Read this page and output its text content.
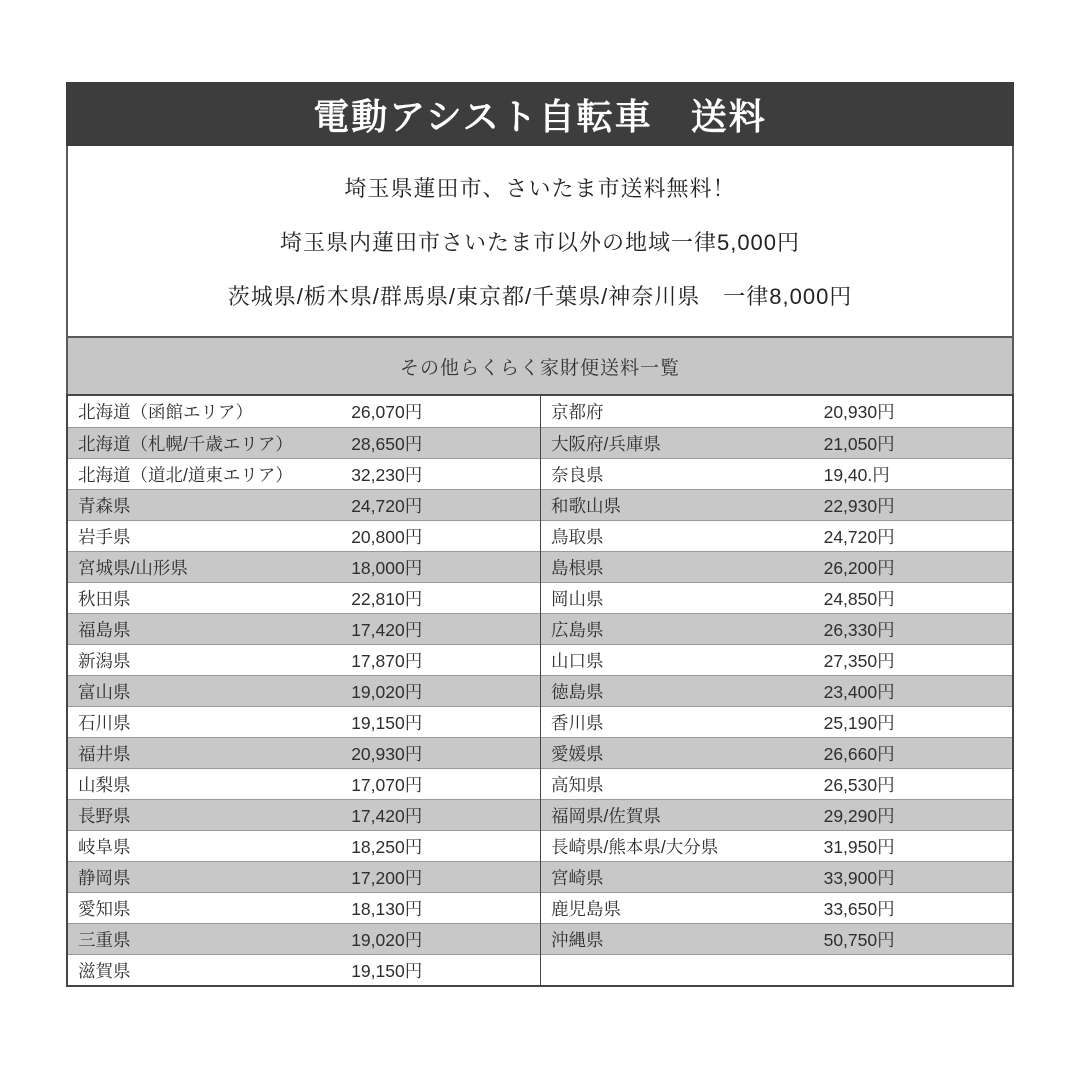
電動アシスト自転車　送料

埼玉県蓮田市、さいたま市送料無料！

埼玉県内蓮田市さいたま市以外の地域一律5,000円

茨城県/栃木県/群馬県/東京都/千葉県/神奈川県　一律8,000円

その他らくらく家財便送料一覧
北海道（函館エリア）	26,070円
北海道（札幌/千歳エリア）	28,650円
北海道（道北/道東エリア）	32,230円
青森県	24,720円
岩手県	20,800円
宮城県/山形県	18,000円
秋田県	22,810円
福島県	17,420円
新潟県	17,870円
富山県	19,020円
石川県	19,150円
福井県	20,930円
山梨県	17,070円
長野県	17,420円
岐阜県	18,250円
静岡県	17,200円
愛知県	18,130円
三重県	19,020円
滋賀県	19,150円
京都府	20,930円
大阪府/兵庫県	21,050円
奈良県	19,40.円
和歌山県	22,930円
鳥取県	24,720円
島根県	26,200円
岡山県	24,850円
広島県	26,330円
山口県	27,350円
徳島県	23,400円
香川県	25,190円
愛媛県	26,660円
高知県	26,530円
福岡県/佐賀県	29,290円
長崎県/熊本県/大分県	31,950円
宮崎県	33,900円
鹿児島県	33,650円
沖縄県	50,750円
